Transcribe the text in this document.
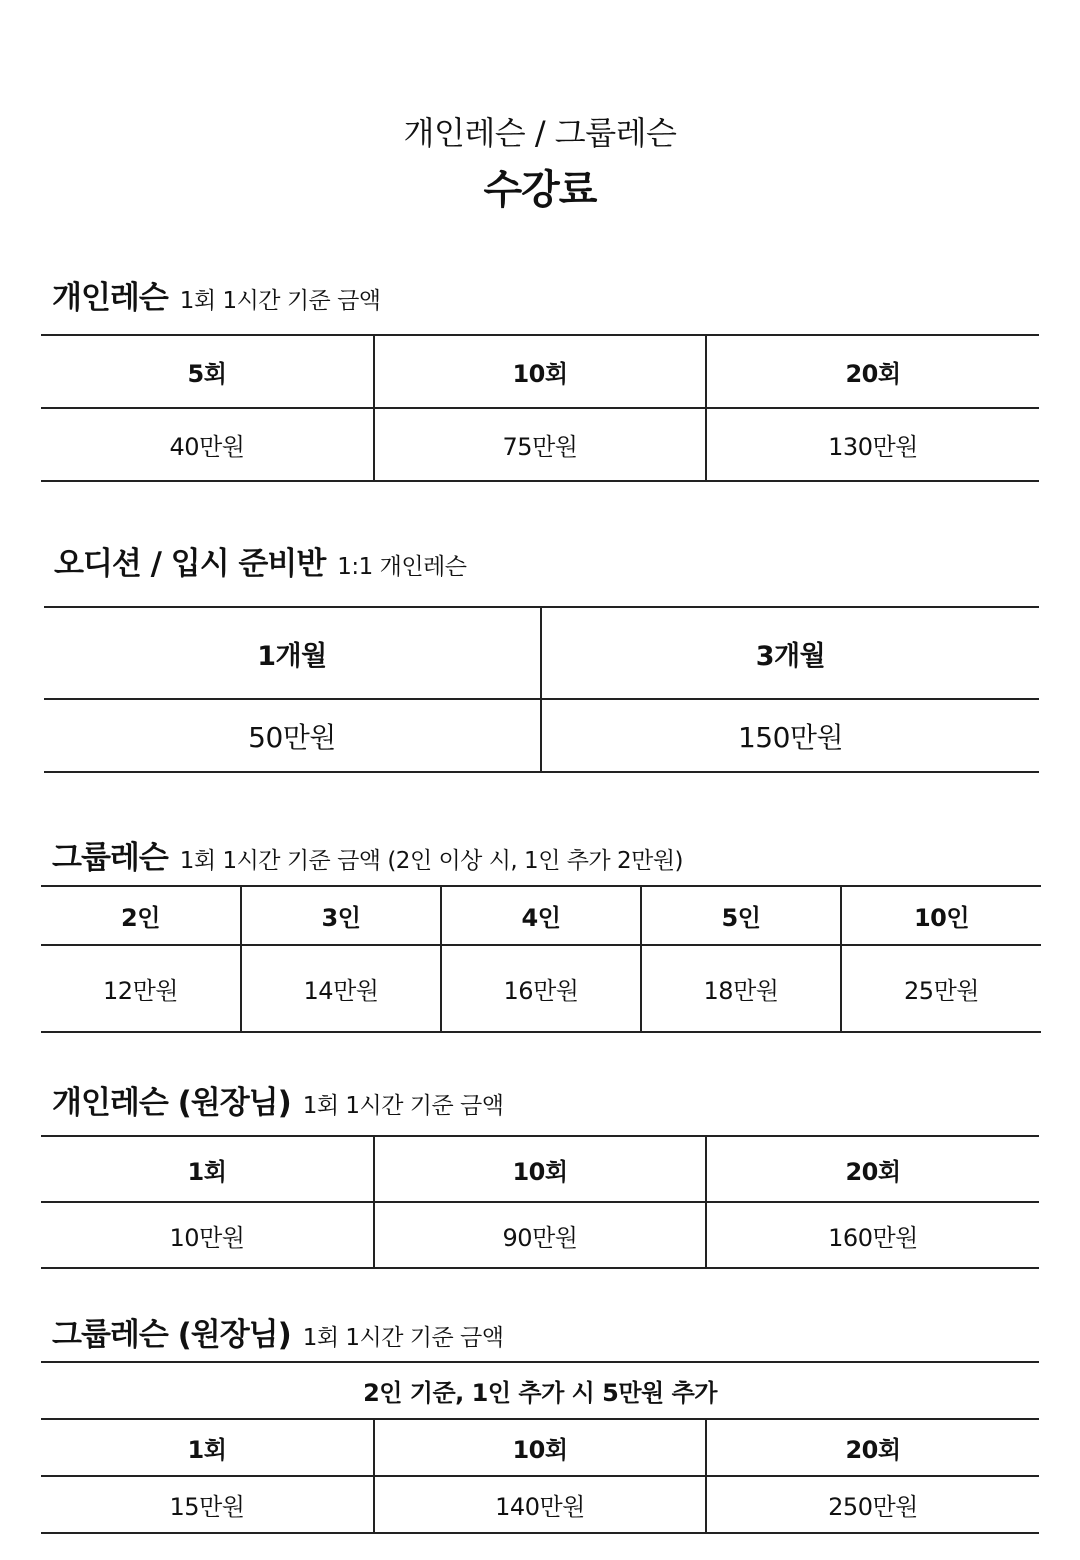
개인레슨 / 그룹레슨
수강료
개인레슨 1회 1시간 기준 금액
5회	10회	20회
40만원	75만원	130만원
오디션 / 입시 준비반 1:1 개인레슨
1개월	3개월
50만원	150만원
그룹레슨 1회 1시간 기준 금액 (2인 이상 시, 1인 추가 2만원)
2인	3인	4인	5인	10인
12만원	14만원	16만원	18만원	25만원
개인레슨 (원장님) 1회 1시간 기준 금액
1회	10회	20회
10만원	90만원	160만원
그룹레슨 (원장님) 1회 1시간 기준 금액
2인 기준, 1인 추가 시 5만원 추가		
1회	10회	20회
15만원	140만원	250만원
